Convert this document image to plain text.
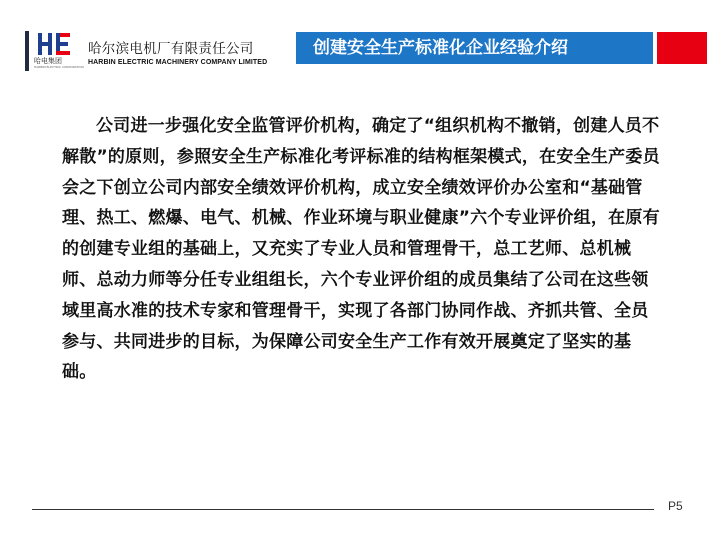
哈电集团
HARBIN ELECTRIC CORPORATION
哈尔滨电机厂有限责任公司
HARBIN ELECTRIC MACHINERY COMPANY LIMITED
创建安全生产标准化企业经验介绍

公司进一步强化安全监管评价机构，确定了“组织机构不撤销，创建人员不解散”的原则，参照安全生产标准化考评标准的结构框架模式，在安全生产委员会之下创立公司内部安全绩效评价机构，成立安全绩效评价办公室和“基础管理、热工、燃爆、电气、机械、作业环境与职业健康”六个专业评价组，在原有的创建专业组的基础上，又充实了专业人员和管理骨干，总工艺师、总机械师、总动力师等分任专业组组长，六个专业评价组的成员集结了公司在这些领域里高水准的技术专家和管理骨干，实现了各部门协同作战、齐抓共管、全员参与、共同进步的目标，为保障公司安全生产工作有效开展奠定了坚实的基础。

P5
